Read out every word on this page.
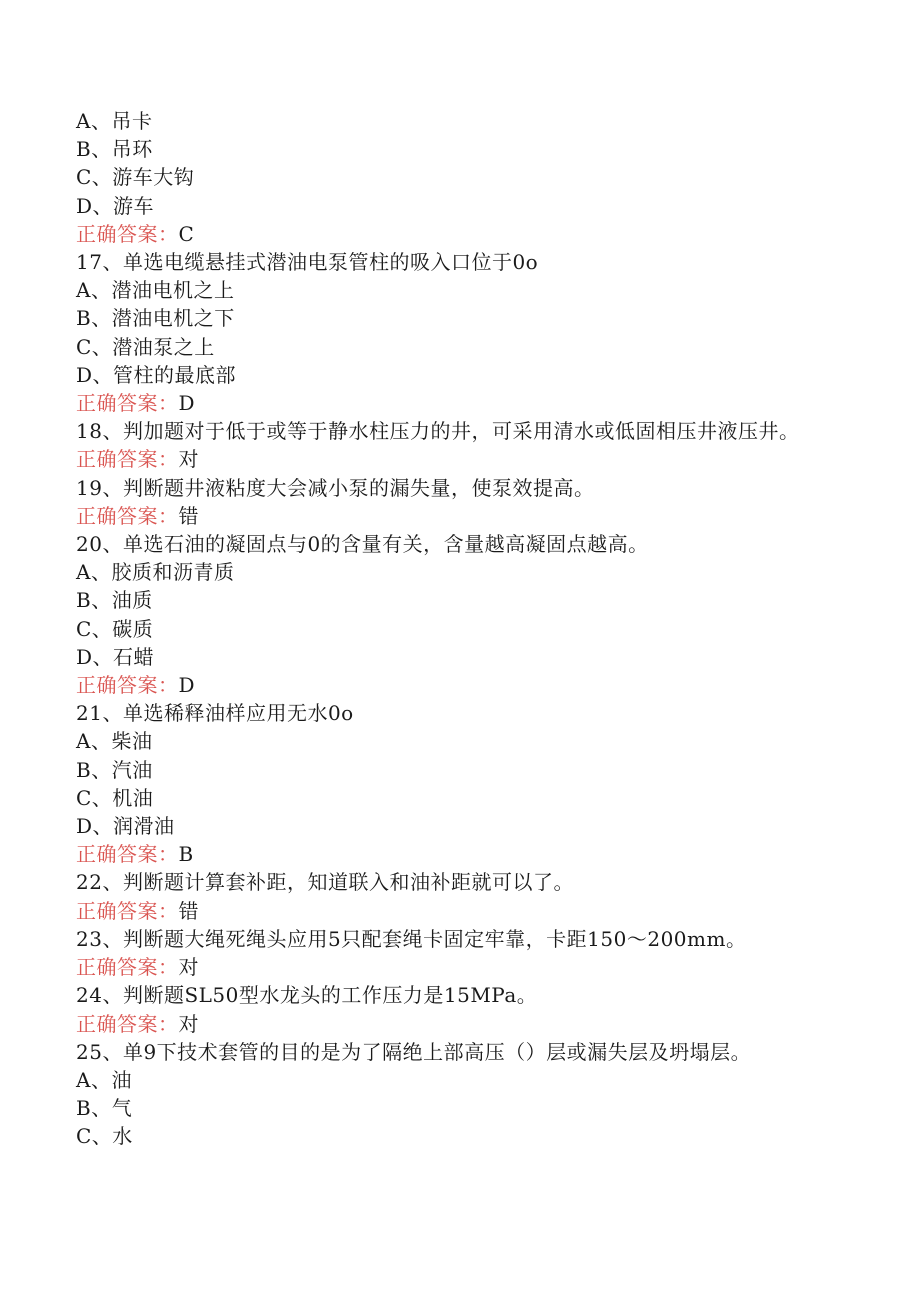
A、吊卡
B、吊环
C、游车大钩
D、游车
正确答案：C
17、单选电缆悬挂式潜油电泵管柱的吸入口位于0o
A、潜油电机之上
B、潜油电机之下
C、潜油泵之上
D、管柱的最底部
正确答案：D
18、判加题对于低于或等于静水柱压力的井，可采用清水或低固相压井液压井。
正确答案：对
19、判断题井液粘度大会减小泵的漏失量，使泵效提高。
正确答案：错
20、单选石油的凝固点与0的含量有关，含量越高凝固点越高。
A、胶质和沥青质
B、油质
C、碳质
D、石蜡
正确答案：D
21、单选稀释油样应用无水0o
A、柴油
B、汽油
C、机油
D、润滑油
正确答案：B
22、判断题计算套补距，知道联入和油补距就可以了。
正确答案：错
23、判断题大绳死绳头应用5只配套绳卡固定牢靠，卡距150～200mm。
正确答案：对
24、判断题SL50型水龙头的工作压力是15MPa。
正确答案：对
25、单9下技术套管的目的是为了隔绝上部高压（）层或漏失层及坍塌层。
A、油
B、气
C、水
